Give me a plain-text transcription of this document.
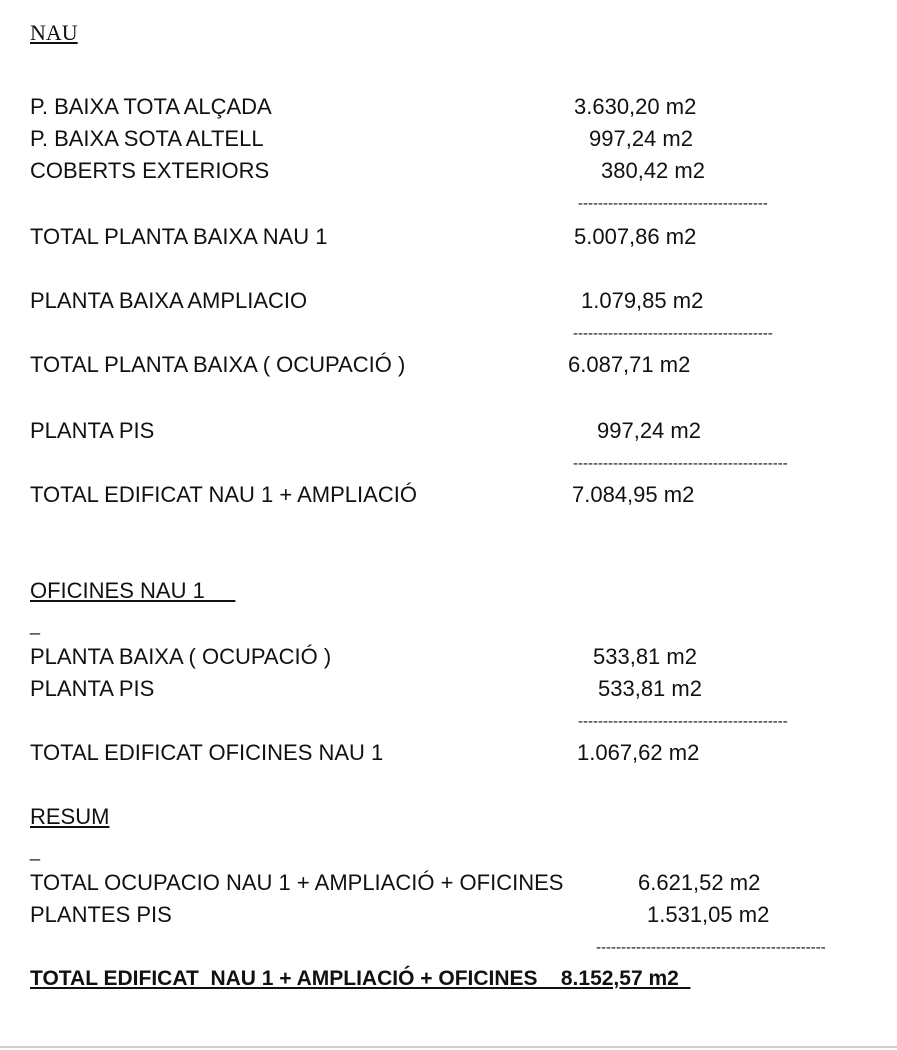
NAU
P. BAIXA TOTA ALÇADA	3.630,20 m2
P. BAIXA SOTA ALTELL	997,24 m2
COBERTS EXTERIORS	380,42 m2
--------------------------------------
TOTAL PLANTA BAIXA NAU 1	5.007,86 m2
PLANTA BAIXA AMPLIACIO	1.079,85 m2
----------------------------------------
TOTAL PLANTA BAIXA ( OCUPACIÓ )	6.087,71 m2
PLANTA PIS	997,24 m2
-------------------------------------------
TOTAL EDIFICAT NAU 1 + AMPLIACIÓ	7.084,95 m2
OFICINES NAU 1
_
PLANTA BAIXA ( OCUPACIÓ )	533,81 m2
PLANTA PIS	533,81 m2
------------------------------------------
TOTAL EDIFICAT OFICINES NAU 1	1.067,62 m2
RESUM
_
TOTAL OCUPACIO NAU 1 + AMPLIACIÓ + OFICINES	6.621,52 m2
PLANTES PIS	1.531,05 m2
----------------------------------------------
TOTAL EDIFICAT  NAU 1 + AMPLIACIÓ + OFICINES    8.152,57 m2
